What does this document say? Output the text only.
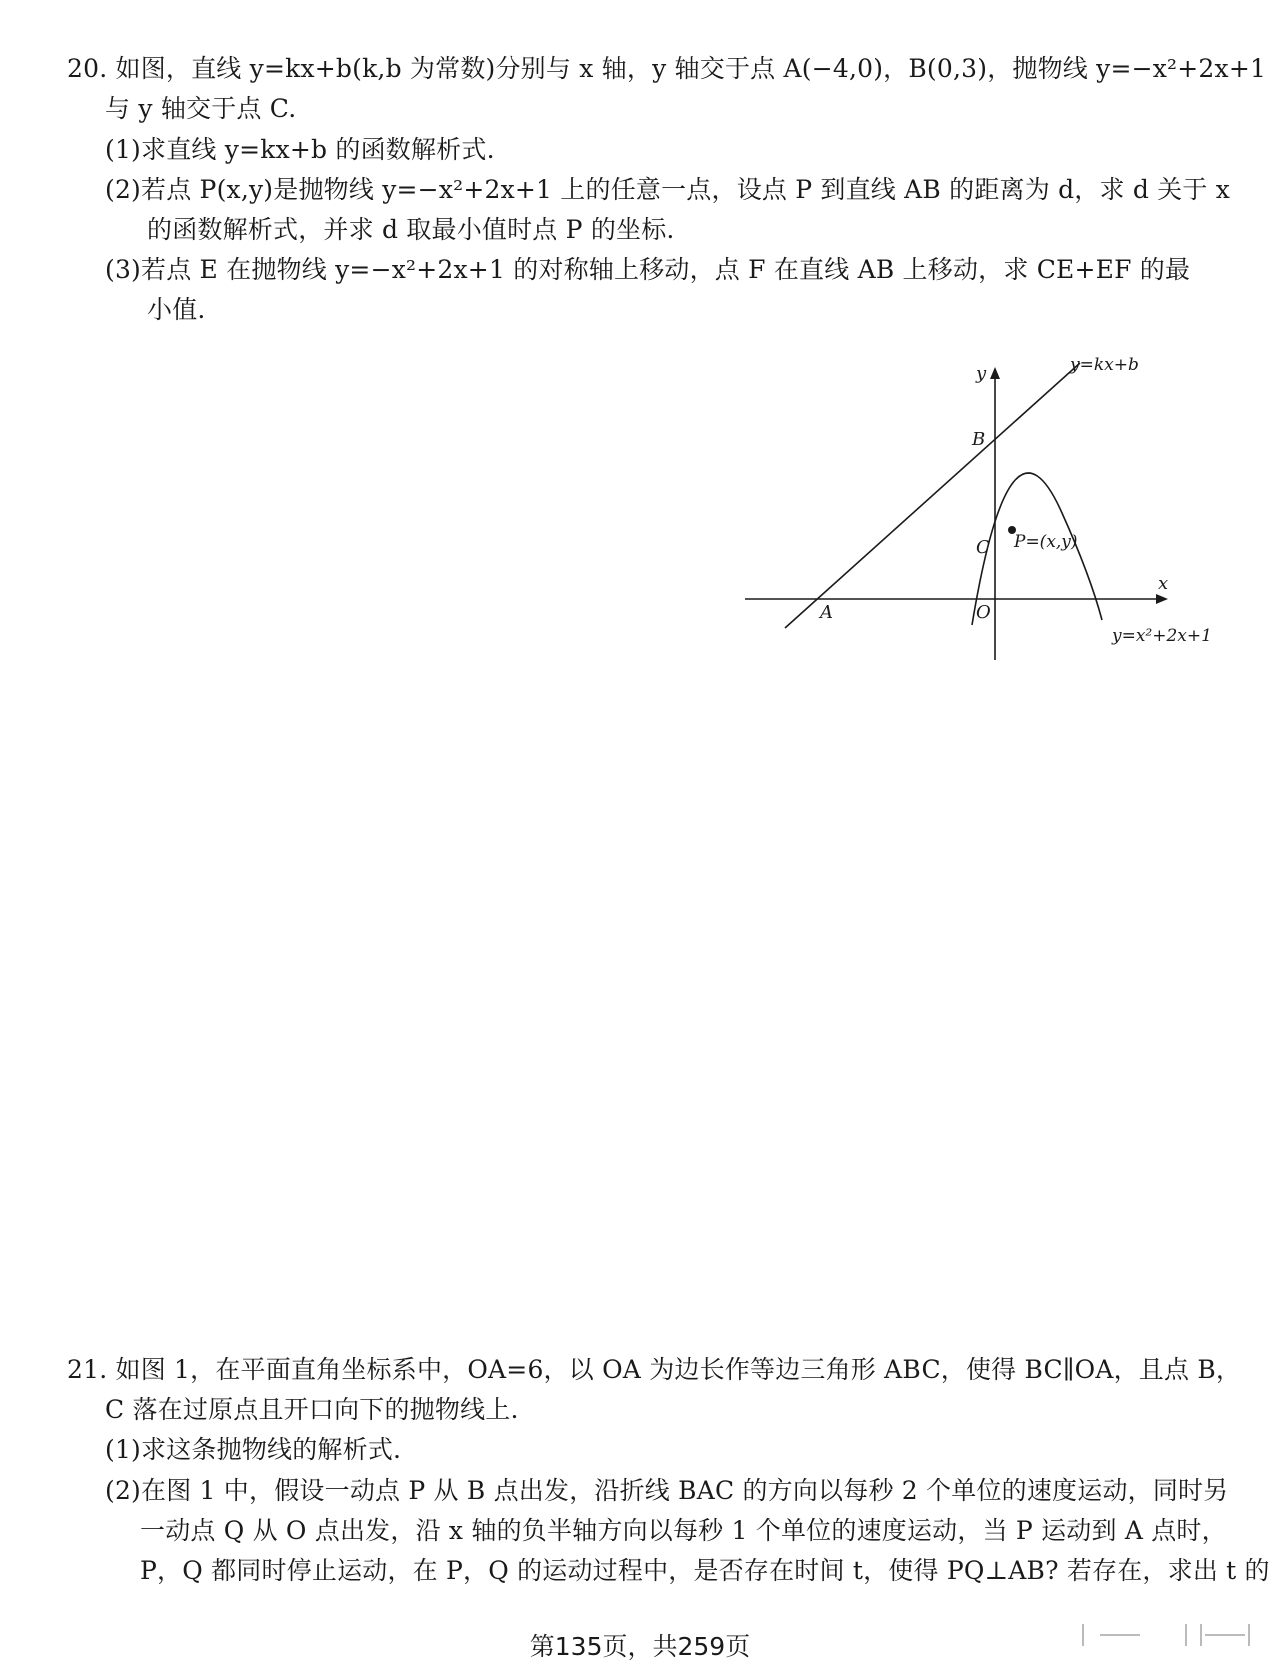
20. 如图，直线 y=kx+b(k,b 为常数)分别与 x 轴，y 轴交于点 A(−4,0)，B(0,3)，抛物线 y=−x²+2x+1
与 y 轴交于点 C.
(1)求直线 y=kx+b 的函数解析式.
(2)若点 P(x,y)是抛物线 y=−x²+2x+1 上的任意一点，设点 P 到直线 AB 的距离为 d，求 d 关于 x
的函数解析式，并求 d 取最小值时点 P 的坐标.
(3)若点 E 在抛物线 y=−x²+2x+1 的对称轴上移动，点 F 在直线 AB 上移动，求 CE+EF 的最
小值.
y	y=kx+b
B
C P=(x,y)
x
A	O
y=x²+2x+1
21. 如图 1，在平面直角坐标系中，OA=6，以 OA 为边长作等边三角形 ABC，使得 BC∥OA，且点 B，
C 落在过原点且开口向下的抛物线上.
(1)求这条抛物线的解析式.
(2)在图 1 中，假设一动点 P 从 B 点出发，沿折线 BAC 的方向以每秒 2 个单位的速度运动，同时另
一动点 Q 从 O 点出发，沿 x 轴的负半轴方向以每秒 1 个单位的速度运动，当 P 运动到 A 点时，
P，Q 都同时停止运动，在 P，Q 的运动过程中，是否存在时间 t，使得 PQ⊥AB? 若存在，求出 t 的
第135页，共259页
